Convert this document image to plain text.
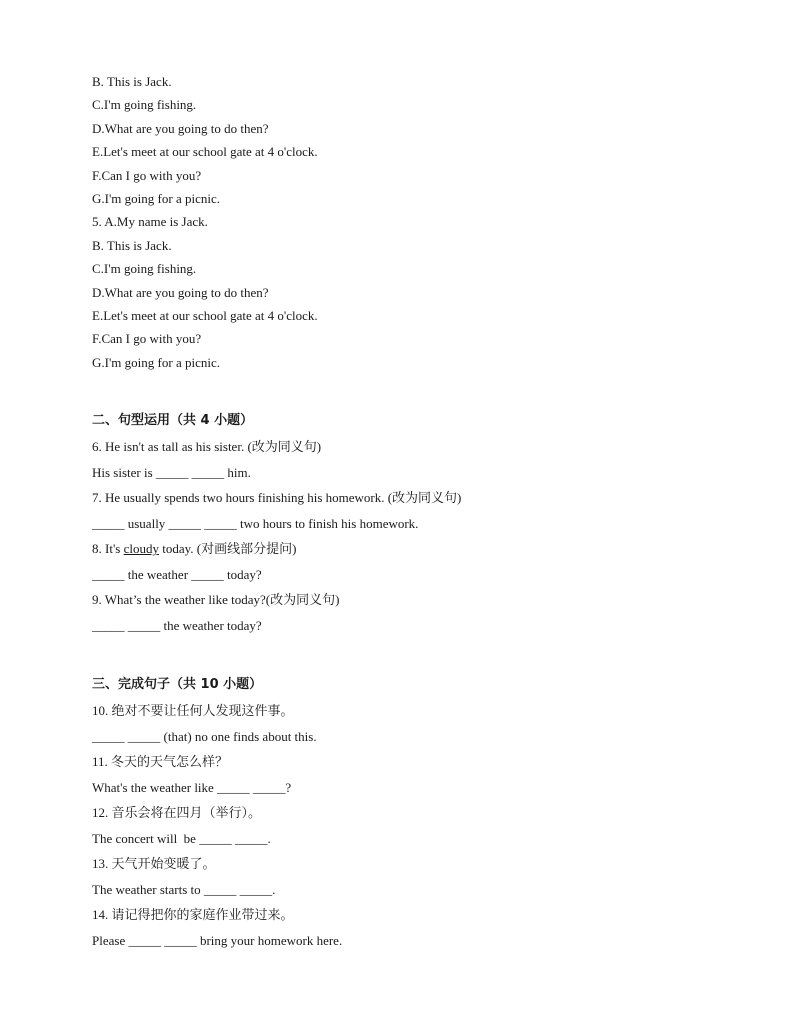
B. This is Jack.
C.I'm going fishing.
D.What are you going to do then?
E.Let's meet at our school gate at 4 o'clock.
F.Can I go with you?
G.I'm going for a picnic.
5. A.My name is Jack.
B. This is Jack.
C.I'm going fishing.
D.What are you going to do then?
E.Let's meet at our school gate at 4 o'clock.
F.Can I go with you?
G.I'm going for a picnic.
二、句型运用（共 4 小题）
6. He isn't as tall as his sister. (改为同义句)
His sister is _____ _____ him.
7. He usually spends two hours finishing his homework. (改为同义句)
_____ usually _____ _____ two hours to finish his homework.
8. It's cloudy today. (对画线部分提问)
_____ the weather _____ today?
9. What’s the weather like today?(改为同义句)
_____ _____ the weather today?
三、完成句子（共 10 小题）
10. 绝对不要让任何人发现这件事。
_____ _____ (that) no one finds about this.
11. 冬天的天气怎么样？
What's the weather like _____ _____?
12. 音乐会将在四月（举行）。
The concert will  be _____ _____.
13. 天气开始变暖了。
The weather starts to _____ _____.
14. 请记得把你的家庭作业带过来。
Please _____ _____ bring your homework here.
